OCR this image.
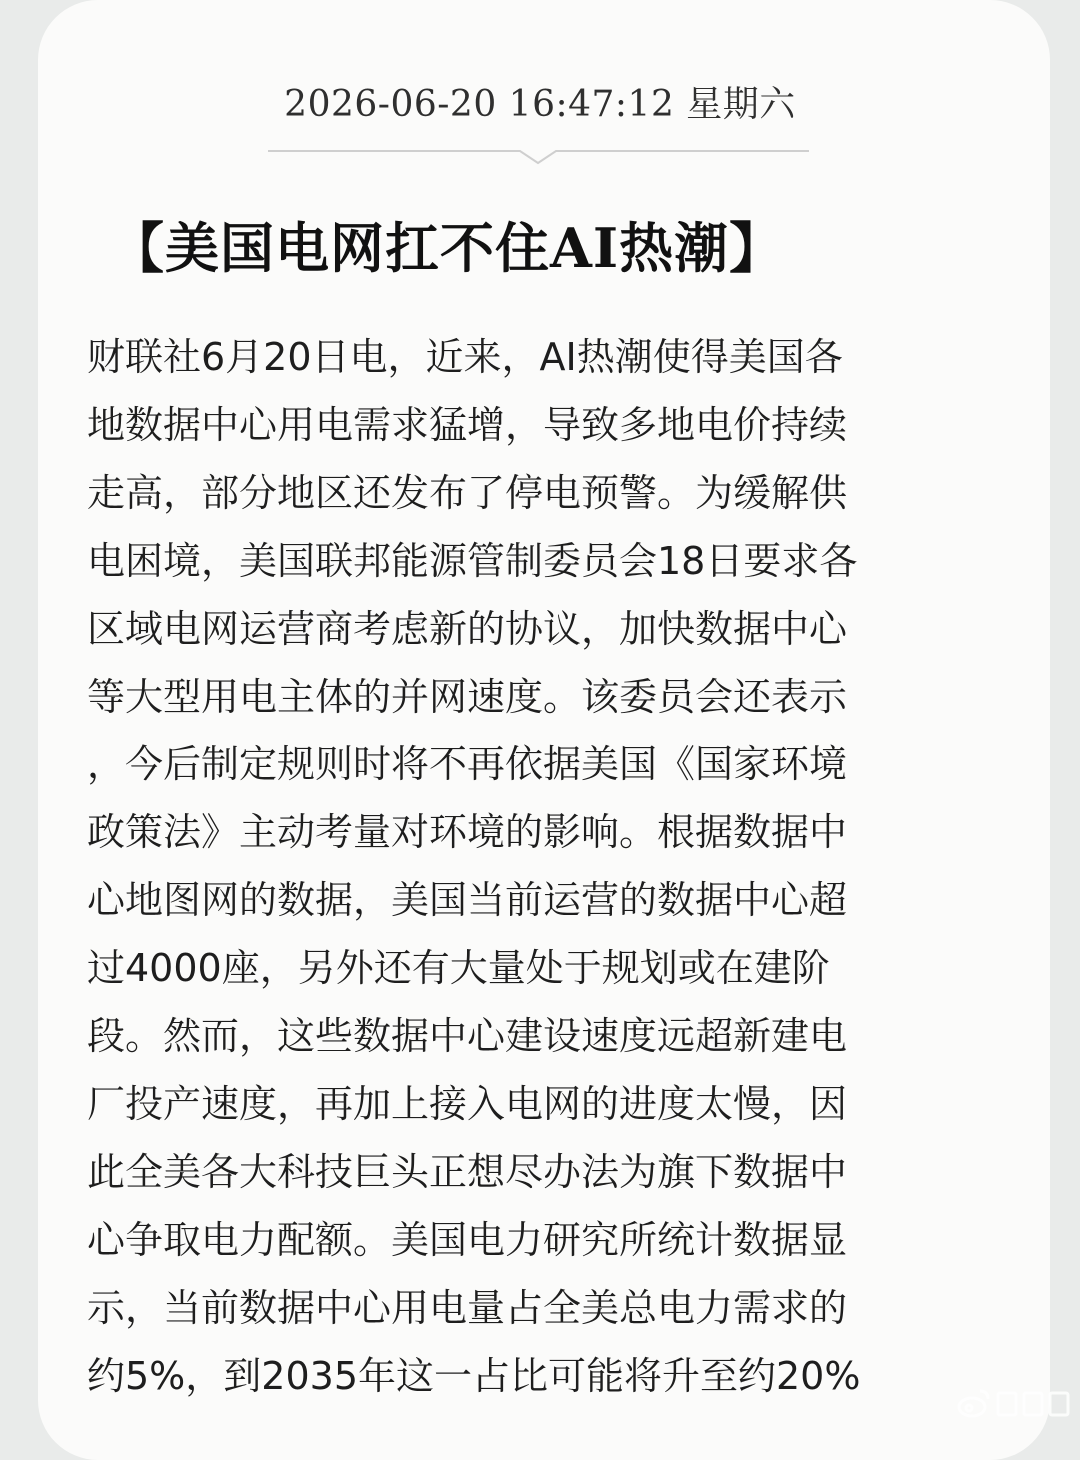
2026-06-20 16:47:12 星期六
【美国电网扛不住AI热潮】
财联社6月20日电，近来，AI热潮使得美国各
地数据中心用电需求猛增，导致多地电价持续
走高，部分地区还发布了停电预警。为缓解供
电困境，美国联邦能源管制委员会18日要求各
区域电网运营商考虑新的协议，加快数据中心
等大型用电主体的并网速度。该委员会还表示
，今后制定规则时将不再依据美国《国家环境
政策法》主动考量对环境的影响。根据数据中
心地图网的数据，美国当前运营的数据中心超
过4000座，另外还有大量处于规划或在建阶
段。然而，这些数据中心建设速度远超新建电
厂投产速度，再加上接入电网的进度太慢，因
此全美各大科技巨头正想尽办法为旗下数据中
心争取电力配额。美国电力研究所统计数据显
示，当前数据中心用电量占全美总电力需求的
约5%，到2035年这一占比可能将升至约20%
